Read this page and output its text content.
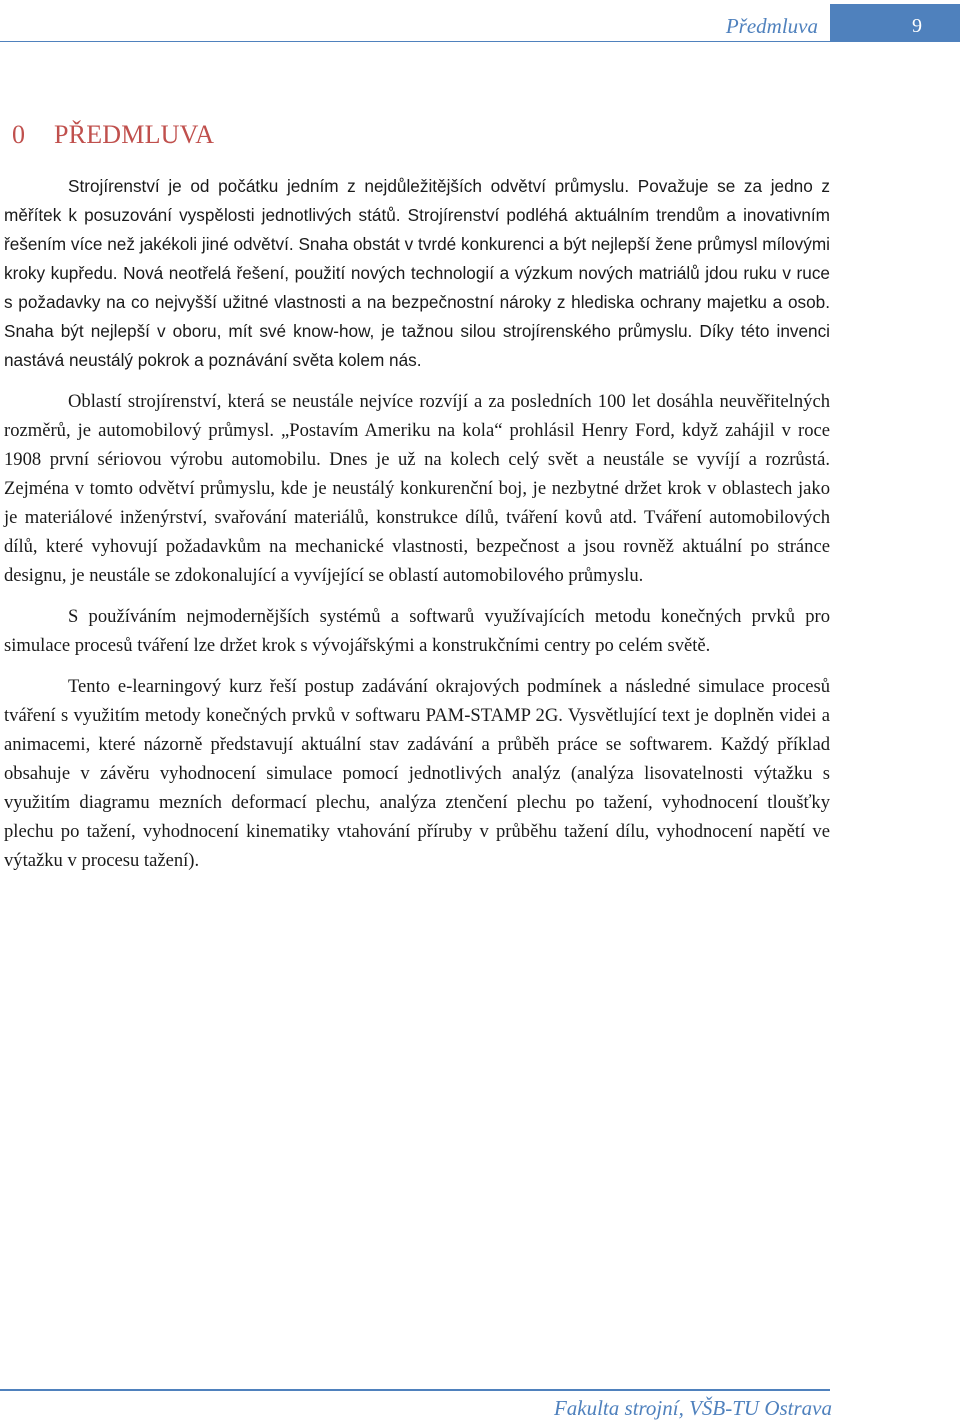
Předmluva	9
0 PŘEDMLUVA

Strojírenství je od počátku jedním z nejdůležitějších odvětví průmyslu. Považuje se za jedno z měřítek k posuzování vyspělosti jednotlivých států. Strojírenství podléhá aktuálním trendům a inovativním řešením více než jakékoli jiné odvětví. Snaha obstát v tvrdé konkurenci a být nejlepší žene průmysl mílovými kroky kupředu. Nová neotřelá řešení, použití nových technologií a výzkum nových matriálů jdou ruku v ruce s požadavky na co nejvyšší užitné vlastnosti a na bezpečnostní nároky z hlediska ochrany majetku a osob. Snaha být nejlepší v oboru, mít své know-how, je tažnou silou strojírenského průmyslu. Díky této invenci nastává neustálý pokrok a poznávání světa kolem nás.

Oblastí strojírenství, která se neustále nejvíce rozvíjí a za posledních 100 let dosáhla neuvěřitelných rozměrů, je automobilový průmysl. „Postavím Ameriku na kola“ prohlásil Henry Ford, když zahájil v roce 1908 první sériovou výrobu automobilu. Dnes je už na kolech celý svět a neustále se vyvíjí a rozrůstá. Zejména v tomto odvětví průmyslu, kde je neustálý konkurenční boj, je nezbytné držet krok v oblastech jako je materiálové inženýrství, svařování materiálů, konstrukce dílů, tváření kovů atd. Tváření automobilových dílů, které vyhovují požadavkům na mechanické vlastnosti, bezpečnost a jsou rovněž aktuální po stránce designu, je neustále se zdokonalující a vyvíjející se oblastí automobilového průmyslu.

S používáním nejmodernějších systémů a softwarů využívajících metodu konečných prvků pro simulace procesů tváření lze držet krok s vývojářskými a konstrukčními centry po celém světě.

Tento e-learningový kurz řeší postup zadávání okrajových podmínek a následné simulace procesů tváření s využitím metody konečných prvků v softwaru PAM-STAMP 2G. Vysvětlující text je doplněn videi a animacemi, které názorně představují aktuální stav zadávání a průběh práce se softwarem. Každý příklad obsahuje v závěru vyhodnocení simulace pomocí jednotlivých analýz (analýza lisovatelnosti výtažku s využitím diagramu mezních deformací plechu, analýza ztenčení plechu po tažení, vyhodnocení tloušťky plechu po tažení, vyhodnocení kinematiky vtahování příruby v průběhu tažení dílu, vyhodnocení napětí ve výtažku v procesu tažení).

Fakulta strojní, VŠB-TU Ostrava
